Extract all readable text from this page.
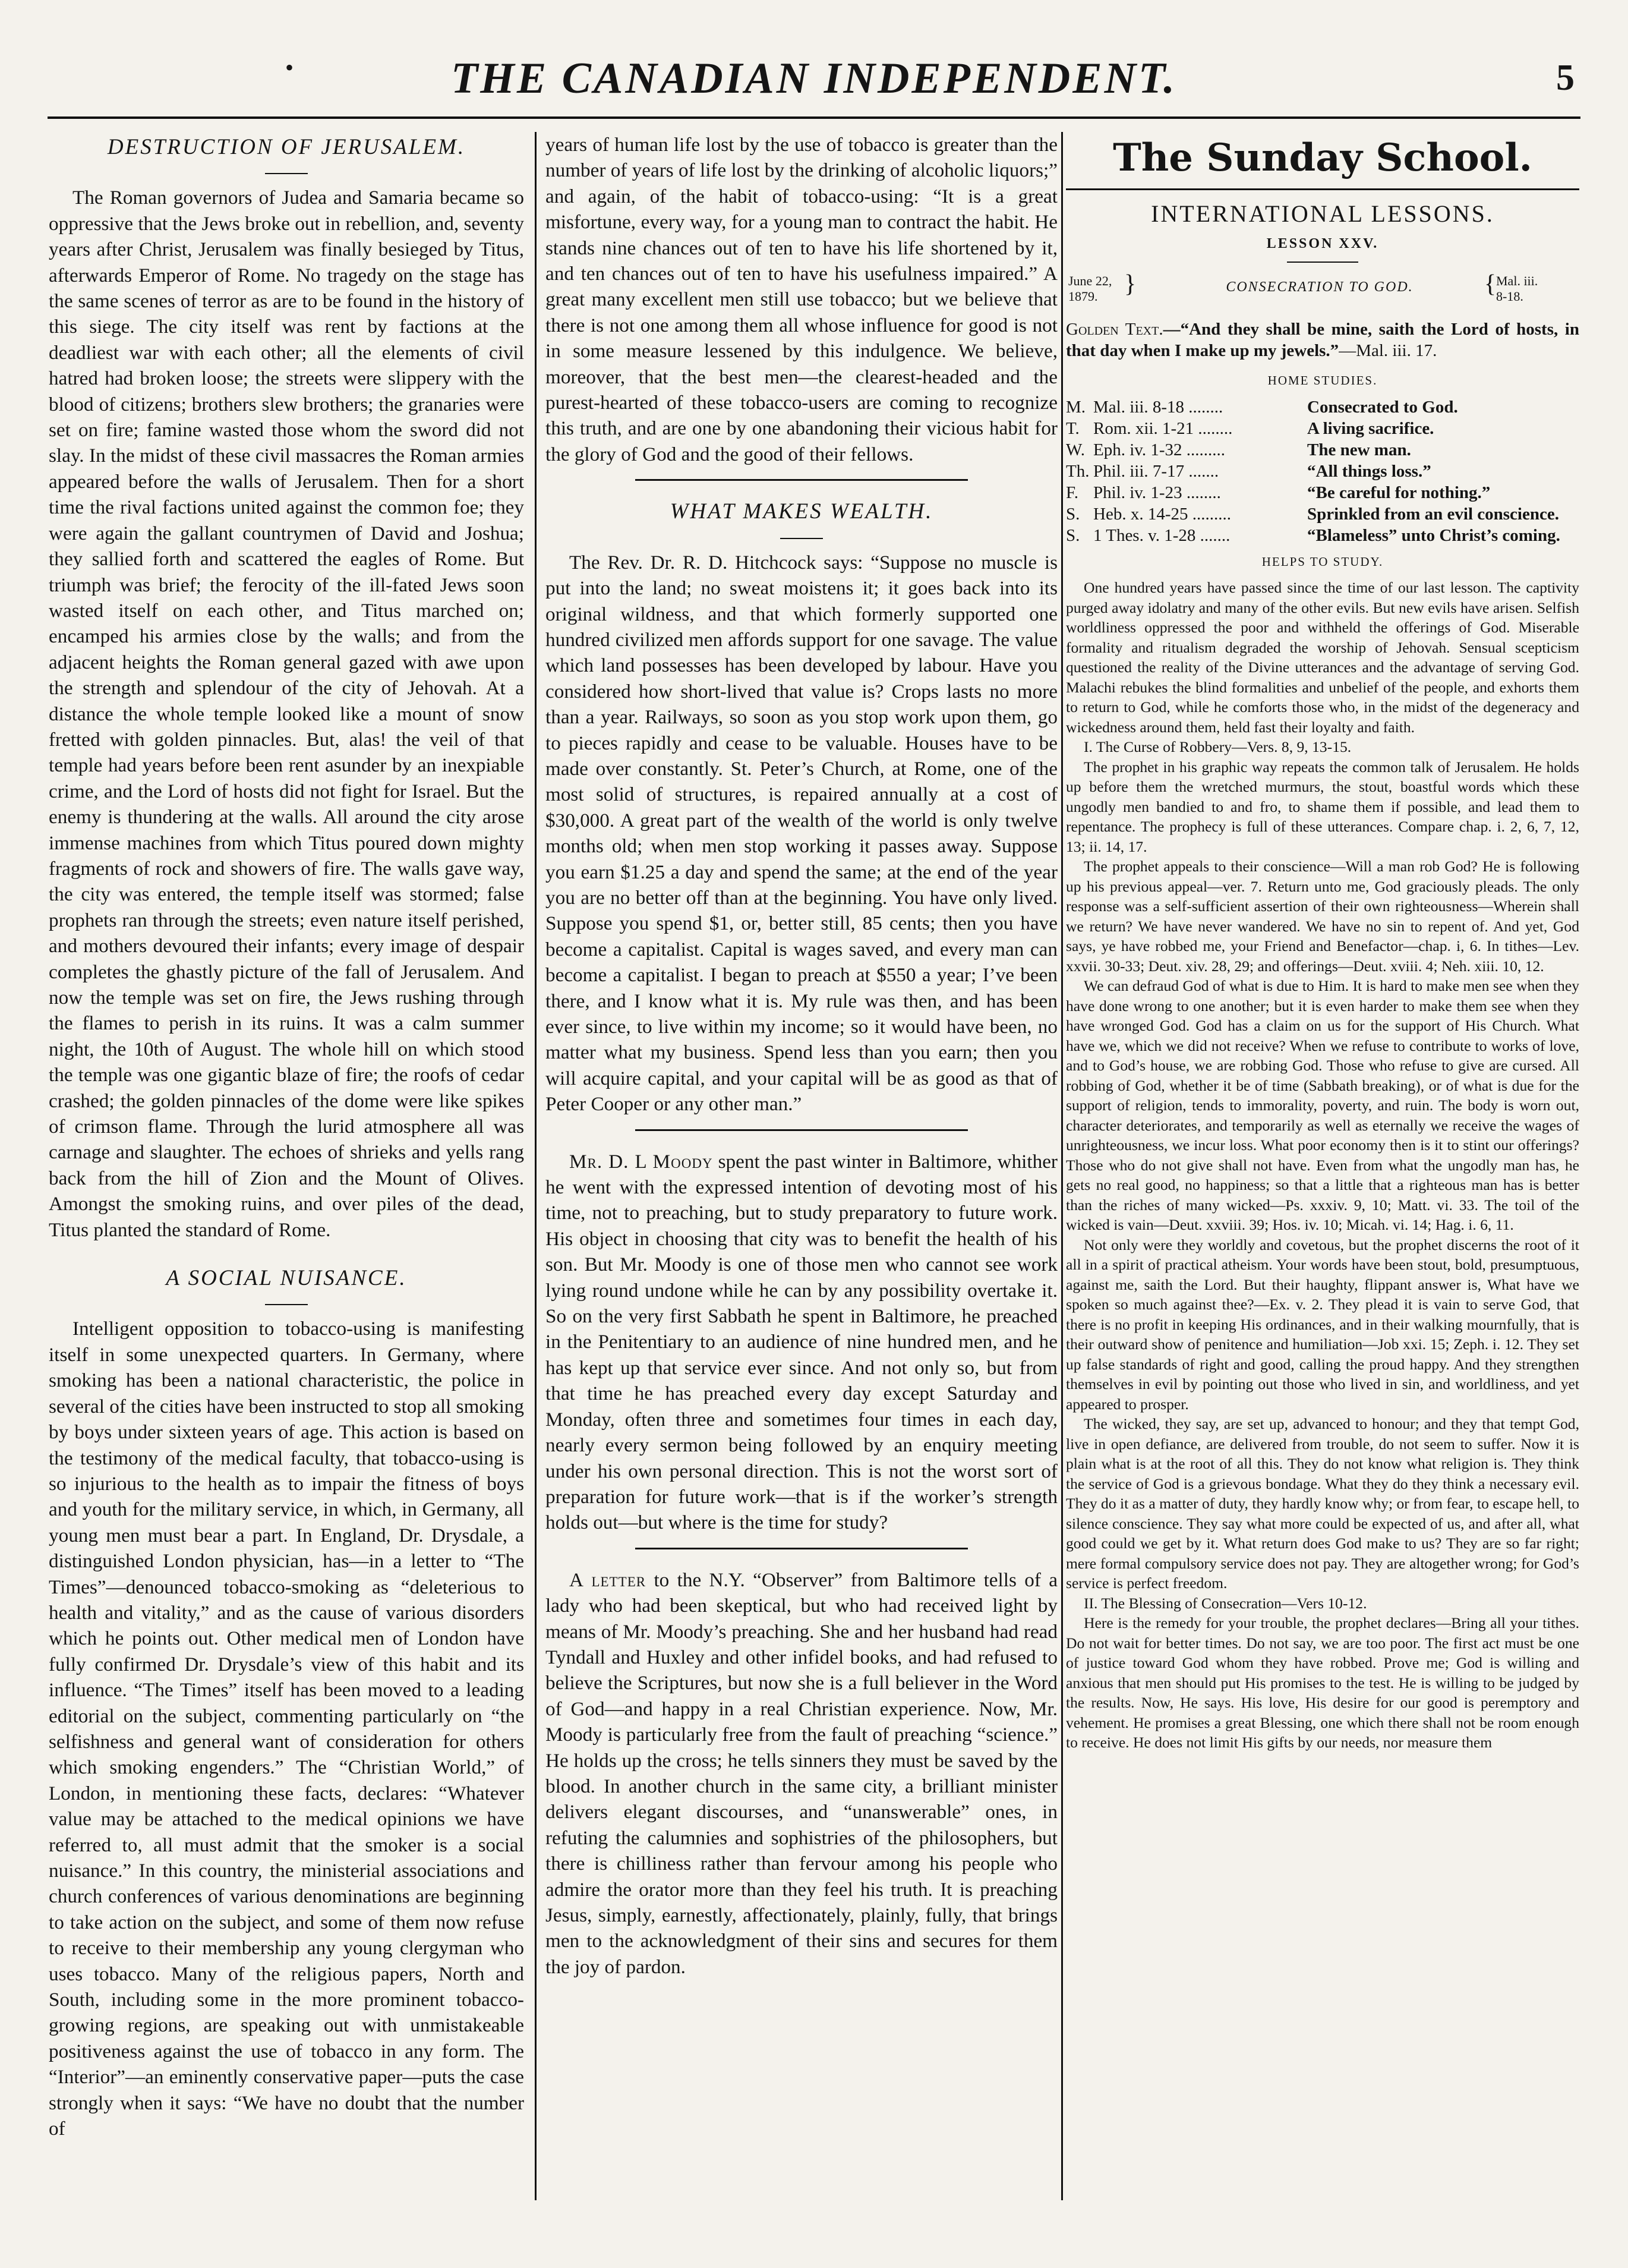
•	THE CANADIAN INDEPENDENT.	5
DESTRUCTION OF JERUSALEM.

The Roman governors of Judea and Samaria became so oppressive that the Jews broke out in rebellion, and, seventy years after Christ, Jerusalem was finally besieged by Titus, afterwards Emperor of Rome. No tragedy on the stage has the same scenes of terror as are to be found in the history of this siege. The city itself was rent by factions at the deadliest war with each other; all the elements of civil hatred had broken loose; the streets were slippery with the blood of citizens; brothers slew brothers; the granaries were set on fire; famine wasted those whom the sword did not slay. In the midst of these civil massacres the Roman armies appeared before the walls of Jerusalem. Then for a short time the rival factions united against the common foe; they were again the gallant countrymen of David and Joshua; they sallied forth and scattered the eagles of Rome. But triumph was brief; the ferocity of the ill-fated Jews soon wasted itself on each other, and Titus marched on; encamped his armies close by the walls; and from the adjacent heights the Roman general gazed with awe upon the strength and splendour of the city of Jehovah. At a distance the whole temple looked like a mount of snow fretted with golden pinnacles. But, alas! the veil of that temple had years before been rent asunder by an inexpiable crime, and the Lord of hosts did not fight for Israel. But the enemy is thundering at the walls. All around the city arose immense machines from which Titus poured down mighty fragments of rock and showers of fire. The walls gave way, the city was entered, the temple itself was stormed; false prophets ran through the streets; even nature itself perished, and mothers devoured their infants; every image of despair completes the ghastly picture of the fall of Jerusalem. And now the temple was set on fire, the Jews rushing through the flames to perish in its ruins. It was a calm summer night, the 10th of August. The whole hill on which stood the temple was one gigantic blaze of fire; the roofs of cedar crashed; the golden pinnacles of the dome were like spikes of crimson flame. Through the lurid atmosphere all was carnage and slaughter. The echoes of shrieks and yells rang back from the hill of Zion and the Mount of Olives. Amongst the smoking ruins, and over piles of the dead, Titus planted the standard of Rome.

A SOCIAL NUISANCE.

Intelligent opposition to tobacco-using is manifesting itself in some unexpected quarters. In Germany, where smoking has been a national characteristic, the police in several of the cities have been instructed to stop all smoking by boys under sixteen years of age. This action is based on the testimony of the medical faculty, that tobacco-using is so injurious to the health as to impair the fitness of boys and youth for the military service, in which, in Germany, all young men must bear a part. In England, Dr. Drysdale, a distinguished London physician, has—in a letter to “The Times”—denounced tobacco-smoking as “deleterious to health and vitality,” and as the cause of various disorders which he points out. Other medical men of London have fully confirmed Dr. Drysdale’s view of this habit and its influence. “The Times” itself has been moved to a leading editorial on the subject, commenting particularly on “the selfishness and general want of consideration for others which smoking engenders.” The “Christian World,” of London, in mentioning these facts, declares: “Whatever value may be attached to the medical opinions we have referred to, all must admit that the smoker is a social nuisance.” In this country, the ministerial associations and church conferences of various denominations are beginning to take action on the subject, and some of them now refuse to receive to their membership any young clergyman who uses tobacco. Many of the religious papers, North and South, including some in the more prominent tobacco-growing regions, are speaking out with unmistakeable positiveness against the use of tobacco in any form. The “Interior”—an eminently conservative paper—puts the case strongly when it says: “We have no doubt that the number of

years of human life lost by the use of tobacco is greater than the number of years of life lost by the drinking of alcoholic liquors;” and again, of the habit of tobacco-using: “It is a great misfortune, every way, for a young man to contract the habit. He stands nine chances out of ten to have his life shortened by it, and ten chances out of ten to have his usefulness impaired.” A great many excellent men still use tobacco; but we believe that there is not one among them all whose influence for good is not in some measure lessened by this indulgence. We believe, moreover, that the best men—the clearest-headed and the purest-hearted of these tobacco-users are coming to recognize this truth, and are one by one abandoning their vicious habit for the glory of God and the good of their fellows.

WHAT MAKES WEALTH.

The Rev. Dr. R. D. Hitchcock says: “Suppose no muscle is put into the land; no sweat moistens it; it goes back into its original wildness, and that which formerly supported one hundred civilized men affords support for one savage. The value which land possesses has been developed by labour. Have you considered how short-lived that value is? Crops lasts no more than a year. Railways, so soon as you stop work upon them, go to pieces rapidly and cease to be valuable. Houses have to be made over constantly. St. Peter’s Church, at Rome, one of the most solid of structures, is repaired annually at a cost of $30,000. A great part of the wealth of the world is only twelve months old; when men stop working it passes away. Suppose you earn $1.25 a day and spend the same; at the end of the year you are no better off than at the beginning. You have only lived. Suppose you spend $1, or, better still, 85 cents; then you have become a capitalist. Capital is wages saved, and every man can become a capitalist. I began to preach at $550 a year; I’ve been there, and I know what it is. My rule was then, and has been ever since, to live within my income; so it would have been, no matter what my business. Spend less than you earn; then you will acquire capital, and your capital will be as good as that of Peter Cooper or any other man.”

Mr. D. L Moody spent the past winter in Baltimore, whither he went with the expressed intention of devoting most of his time, not to preaching, but to study preparatory to future work. His object in choosing that city was to benefit the health of his son. But Mr. Moody is one of those men who cannot see work lying round undone while he can by any possibility overtake it. So on the very first Sabbath he spent in Baltimore, he preached in the Penitentiary to an audience of nine hundred men, and he has kept up that service ever since. And not only so, but from that time he has preached every day except Saturday and Monday, often three and sometimes four times in each day, nearly every sermon being followed by an enquiry meeting under his own personal direction. This is not the worst sort of preparation for future work—that is if the worker’s strength holds out—but where is the time for study?

A letter to the N.Y. “Observer” from Baltimore tells of a lady who had been skeptical, but who had received light by means of Mr. Moody’s preaching. She and her husband had read Tyndall and Huxley and other infidel books, and had refused to believe the Scriptures, but now she is a full believer in the Word of God—and happy in a real Christian experience. Now, Mr. Moody is particularly free from the fault of preaching “science.” He holds up the cross; he tells sinners they must be saved by the blood. In another church in the same city, a brilliant minister delivers elegant discourses, and “unanswerable” ones, in refuting the calumnies and sophistries of the philosophers, but there is chilliness rather than fervour among his people who admire the orator more than they feel his truth. It is preaching Jesus, simply, earnestly, affectionately, plainly, fully, that brings men to the acknowledgment of their sins and secures for them the joy of pardon.

The Sunday School.
INTERNATIONAL LESSONS.
LESSON XXV.
June 22,
1879.	}	CONSECRATION TO GOD.	{ Mal. iii.
8-18.

Golden Text.—“And they shall be mine, saith the Lord of hosts, in that day when I make up my jewels.”—Mal. iii. 17.

HOME STUDIES.
M.	Mal. iii. 8-18 ........	Consecrated to God.
T.	Rom. xii. 1-21 ........	A living sacrifice.
W.	Eph. iv. 1-32 .........	The new man.
Th.	Phil. iii. 7-17 .......	“All things loss.”
F.	Phil. iv. 1-23 ........	“Be careful for nothing.”
S.	Heb. x. 14-25 .........	Sprinkled from an evil conscience.
S.	1 Thes. v. 1-28 .......	“Blameless” unto Christ’s coming.
HELPS TO STUDY.

One hundred years have passed since the time of our last lesson. The captivity purged away idolatry and many of the other evils. But new evils have arisen. Selfish worldliness oppressed the poor and withheld the offerings of God. Miserable formality and ritualism degraded the worship of Jehovah. Sensual scepticism questioned the reality of the Divine utterances and the advantage of serving God. Malachi rebukes the blind formalities and unbelief of the people, and exhorts them to return to God, while he comforts those who, in the midst of the degeneracy and wickedness around them, held fast their loyalty and faith.

I. The Curse of Robbery—Vers. 8, 9, 13-15.

The prophet in his graphic way repeats the common talk of Jerusalem. He holds up before them the wretched murmurs, the stout, boastful words which these ungodly men bandied to and fro, to shame them if possible, and lead them to repentance. The prophecy is full of these utterances. Compare chap. i. 2, 6, 7, 12, 13; ii. 14, 17.

The prophet appeals to their conscience—Will a man rob God? He is following up his previous appeal—ver. 7. Return unto me, God graciously pleads. The only response was a self-sufficient assertion of their own righteousness—Wherein shall we return? We have never wandered. We have no sin to repent of. And yet, God says, ye have robbed me, your Friend and Benefactor—chap. i, 6. In tithes—Lev. xxvii. 30-33; Deut. xiv. 28, 29; and offerings—Deut. xviii. 4; Neh. xiii. 10, 12.

We can defraud God of what is due to Him. It is hard to make men see when they have done wrong to one another; but it is even harder to make them see when they have wronged God. God has a claim on us for the support of His Church. What have we, which we did not receive? When we refuse to contribute to works of love, and to God’s house, we are robbing God. Those who refuse to give are cursed. All robbing of God, whether it be of time (Sabbath breaking), or of what is due for the support of religion, tends to immorality, poverty, and ruin. The body is worn out, character deteriorates, and temporarily as well as eternally we receive the wages of unrighteousness, we incur loss. What poor economy then is it to stint our offerings? Those who do not give shall not have. Even from what the ungodly man has, he gets no real good, no happiness; so that a little that a righteous man has is better than the riches of many wicked—Ps. xxxiv. 9, 10; Matt. vi. 33. The toil of the wicked is vain—Deut. xxviii. 39; Hos. iv. 10; Micah. vi. 14; Hag. i. 6, 11.

Not only were they worldly and covetous, but the prophet discerns the root of it all in a spirit of practical atheism. Your words have been stout, bold, presumptuous, against me, saith the Lord. But their haughty, flippant answer is, What have we spoken so much against thee?—Ex. v. 2. They plead it is vain to serve God, that there is no profit in keeping His ordinances, and in their walking mournfully, that is their outward show of penitence and humiliation—Job xxi. 15; Zeph. i. 12. They set up false standards of right and good, calling the proud happy. And they strengthen themselves in evil by pointing out those who lived in sin, and worldliness, and yet appeared to prosper.

The wicked, they say, are set up, advanced to honour; and they that tempt God, live in open defiance, are delivered from trouble, do not seem to suffer. Now it is plain what is at the root of all this. They do not know what religion is. They think the service of God is a grievous bondage. What they do they think a necessary evil. They do it as a matter of duty, they hardly know why; or from fear, to escape hell, to silence conscience. They say what more could be expected of us, and after all, what good could we get by it. What return does God make to us? They are so far right; mere formal compulsory service does not pay. They are altogether wrong; for God’s service is perfect freedom.

II. The Blessing of Consecration—Vers 10-12.

Here is the remedy for your trouble, the prophet declares—Bring all your tithes. Do not wait for better times. Do not say, we are too poor. The first act must be one of justice toward God whom they have robbed. Prove me; God is willing and anxious that men should put His promises to the test. He is willing to be judged by the results. Now, He says. His love, His desire for our good is peremptory and vehement. He promises a great Blessing, one which there shall not be room enough to receive. He does not limit His gifts by our needs, nor measure them
